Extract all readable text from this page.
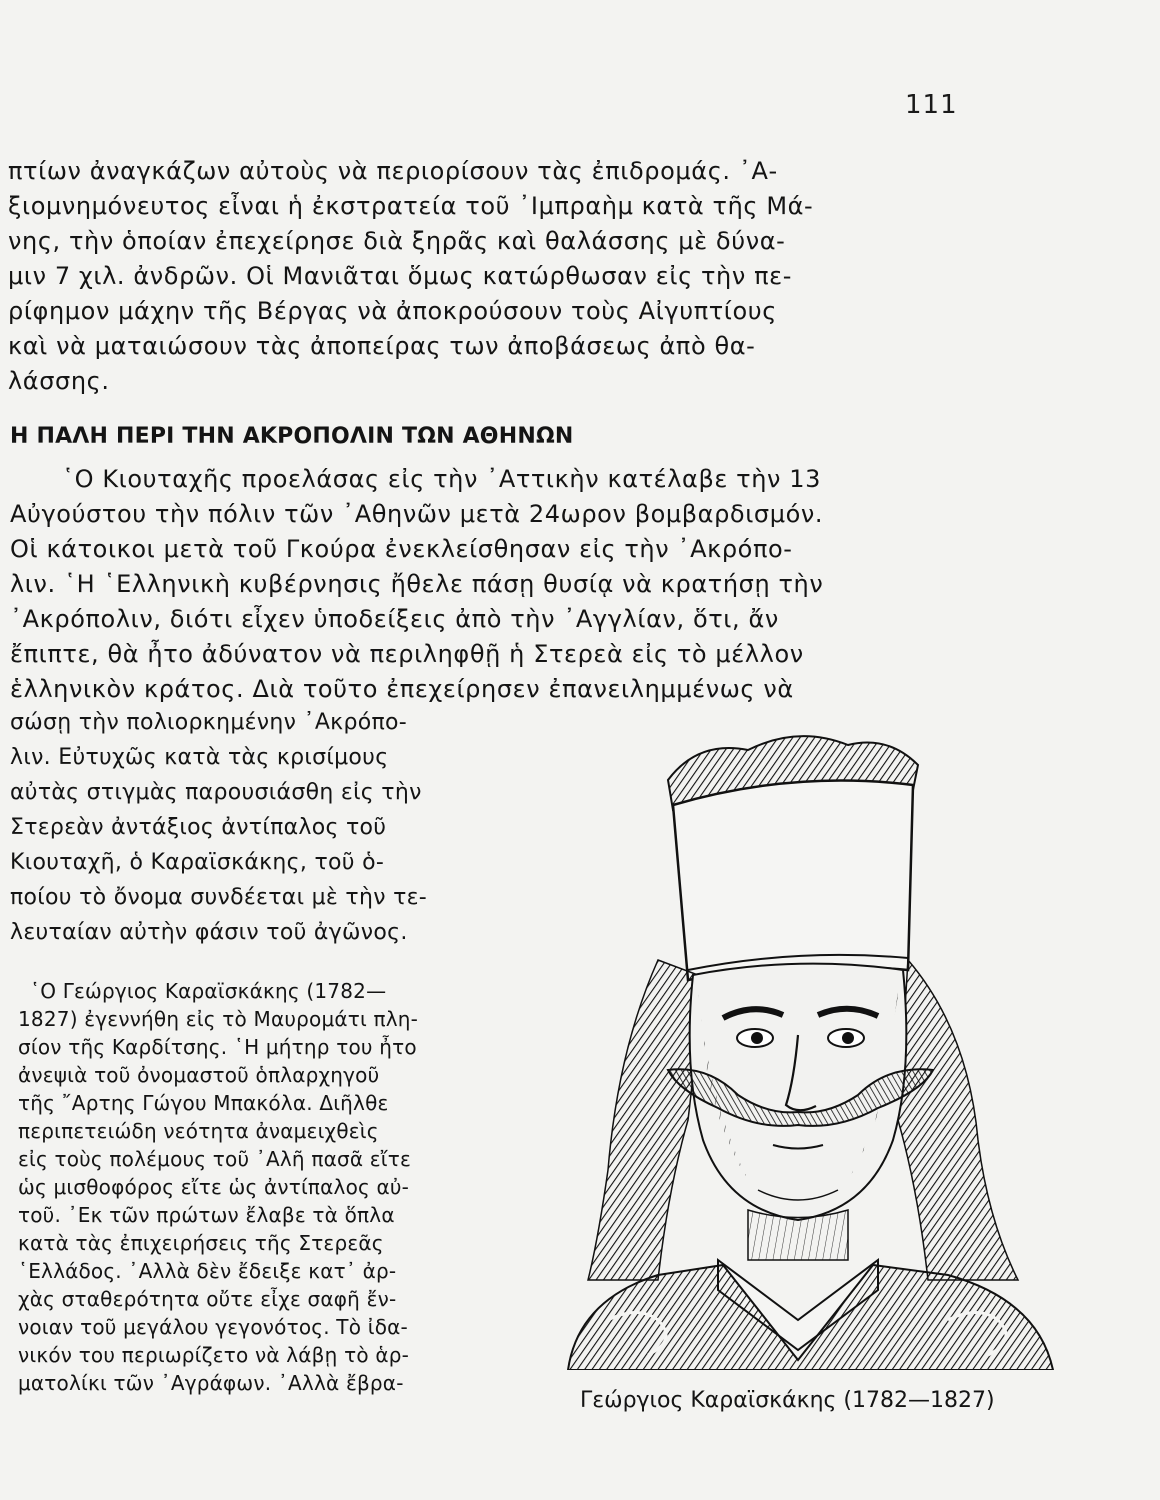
111
πτίων ἀναγκάζων αὐτοὺς νὰ περιορίσουν τὰς ἐπιδρομάς. ᾿Α-
ξιομνημόνευτος εἶναι ἡ ἐκστρατεία τοῦ ᾿Ιμπραὴμ κατὰ τῆς Μά-
νης, τὴν ὁποίαν ἐπεχείρησε διὰ ξηρᾶς καὶ θαλάσσης μὲ δύνα-
μιν 7 χιλ. ἀνδρῶν. Οἱ Μανιᾶται ὅμως κατώρθωσαν εἰς τὴν πε-
ρίφημον μάχην τῆς Βέργας νὰ ἀποκρούσουν τοὺς Αἰγυπτίους
καὶ νὰ ματαιώσουν τὰς ἀποπείρας των ἀποβάσεως ἀπὸ θα-
λάσσης.
Η ΠΑΛΗ ΠΕΡΙ ΤΗΝ ΑΚΡΟΠΟΛΙΝ ΤΩΝ ΑΘΗΝΩΝ
῾Ο Κιουταχῆς προελάσας εἰς τὴν ᾿Αττικὴν κατέλαβε τὴν 13
Αὐγούστου τὴν πόλιν τῶν ᾿Αθηνῶν μετὰ 24ωρον βομβαρδισμόν.
Οἱ κάτοικοι μετὰ τοῦ Γκούρα ἐνεκλείσθησαν εἰς τὴν ᾿Ακρόπο-
λιν. ῾Η ῾Ελληνικὴ κυβέρνησις ἤθελε πάσῃ θυσίᾳ νὰ κρατήσῃ τὴν
᾿Ακρόπολιν, διότι εἶχεν ὑποδείξεις ἀπὸ τὴν ᾿Αγγλίαν, ὅτι, ἄν
ἔπιπτε, θὰ ἦτο ἀδύνατον νὰ περιληφθῇ ἡ Στερεὰ εἰς τὸ μέλλον
ἑλληνικὸν κράτος. Διὰ τοῦτο ἐπεχείρησεν ἐπανειλημμένως νὰ
σώσῃ τὴν πολιορκημένην ᾿Ακρόπο-
λιν. Εὐτυχῶς κατὰ τὰς κρισίμους
αὐτὰς στιγμὰς παρουσιάσθη εἰς τὴν
Στερεὰν ἀντάξιος ἀντίπαλος τοῦ
Κιουταχῆ, ὁ Καραϊσκάκης, τοῦ ὁ-
ποίου τὸ ὄνομα συνδέεται μὲ τὴν τε-
λευταίαν αὐτὴν φάσιν τοῦ ἀγῶνος.
῾Ο Γεώργιος Καραϊσκάκης (1782—
1827) ἐγεννήθη εἰς τὸ Μαυρομάτι πλη-
σίον τῆς Καρδίτσης. ῾Η μήτηρ του ἦτο
ἀνεψιὰ τοῦ ὀνομαστοῦ ὁπλαρχηγοῦ
τῆς ῎Αρτης Γώγου Μπακόλα. Διῆλθε
περιπετειώδη νεότητα ἀναμειχθεὶς
εἰς τοὺς πολέμους τοῦ ᾿Αλῆ πασᾶ εἴτε
ὡς μισθοφόρος εἴτε ὡς ἀντίπαλος αὐ-
τοῦ. ᾿Εκ τῶν πρώτων ἔλαβε τὰ ὅπλα
κατὰ τὰς ἐπιχειρήσεις τῆς Στερεᾶς
῾Ελλάδος. ᾿Αλλὰ δὲν ἔδειξε κατ᾿ ἀρ-
χὰς σταθερότητα οὔτε εἶχε σαφῆ ἔν-
νοιαν τοῦ μεγάλου γεγονότος. Τὸ ἰδα-
νικόν του περιωρίζετο νὰ λάβῃ τὸ ἁρ-
ματολίκι τῶν ᾿Αγράφων. ᾿Αλλὰ ἔβρα-
Γεώργιος Καραϊσκάκης (1782—1827)
